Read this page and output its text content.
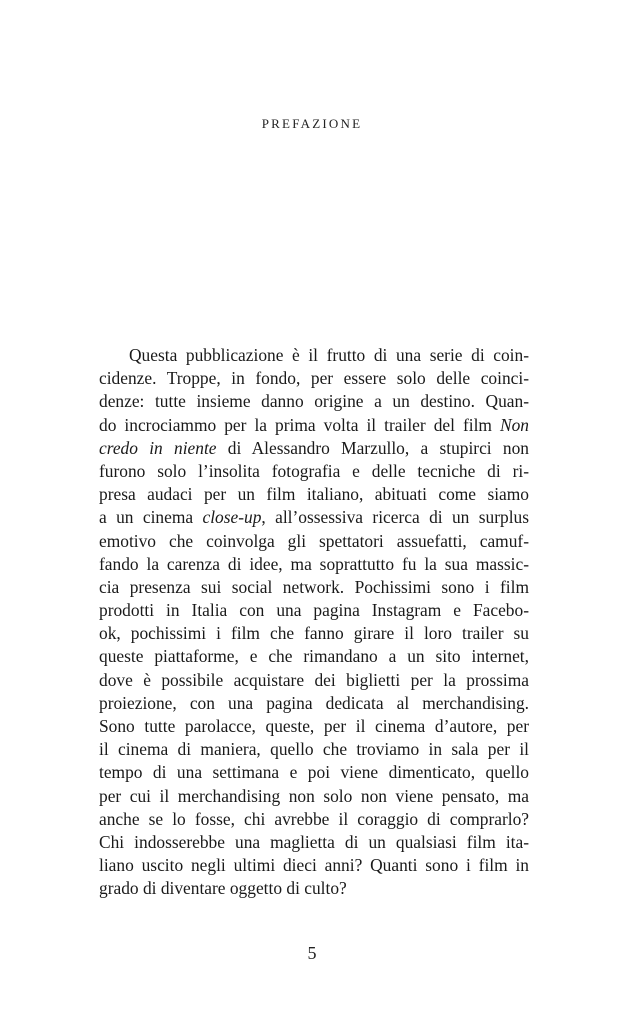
PREFAZIONE
Questa pubblicazione è il frutto di una serie di coin-
cidenze. Troppe, in fondo, per essere solo delle coinci-
denze: tutte insieme danno origine a un destino. Quan-
do incrociammo per la prima volta il trailer del film Non
credo in niente di Alessandro Marzullo, a stupirci non
furono solo l’insolita fotografia e delle tecniche di ri-
presa audaci per un film italiano, abituati come siamo
a un cinema close-up, all’ossessiva ricerca di un surplus
emotivo che coinvolga gli spettatori assuefatti, camuf-
fando la carenza di idee, ma soprattutto fu la sua massic-
cia presenza sui social network. Pochissimi sono i film
prodotti in Italia con una pagina Instagram e Facebo-
ok, pochissimi i film che fanno girare il loro trailer su
queste piattaforme, e che rimandano a un sito internet,
dove è possibile acquistare dei biglietti per la prossima
proiezione, con una pagina dedicata al merchandising.
Sono tutte parolacce, queste, per il cinema d’autore, per
il cinema di maniera, quello che troviamo in sala per il
tempo di una settimana e poi viene dimenticato, quello
per cui il merchandising non solo non viene pensato, ma
anche se lo fosse, chi avrebbe il coraggio di comprarlo?
Chi indosserebbe una maglietta di un qualsiasi film ita-
liano uscito negli ultimi dieci anni? Quanti sono i film in
grado di diventare oggetto di culto?
5
